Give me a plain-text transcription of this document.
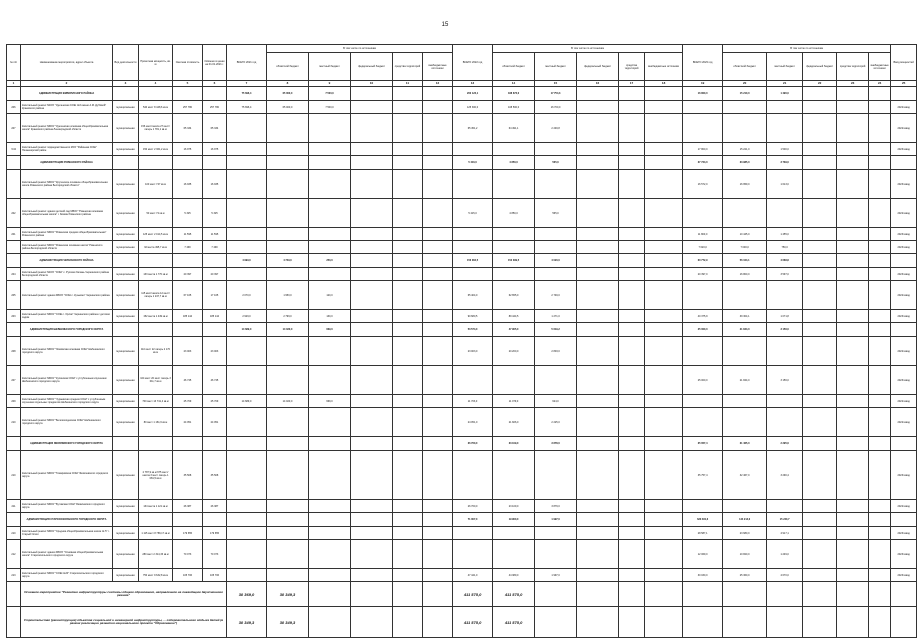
15
№ п/п	Наименование мероприятия, адрес объекта	Вид деятельности	Проектная мощность, кв. м	Сметная стоимость	Освоено в ценах на 01.01.2021 г.	ВСЕГО 2021 год	В том числе по источникам					ВСЕГО 2022 год	В том числе по источникам					ВСЕГО 2023 год	В том числе по источникам					Ввод мощностей
							областной бюджет	местный бюджет	федеральный бюджет	средства территорий	внебюджетные источники		областной бюджет	местный бюджет	федеральный бюджет	средства территорий	внебюджетные источники		областной бюджет	местный бюджет	федеральный бюджет	средства территорий	внебюджетные источники	
1	2	3	4	5	6	7	8	9	10	11	12	13	14	15	16	17	18	19	20	21	22	23	24	25
	АДМИНИСТРАЦИЯ ЖИВОПИСНОГО РАЙОНА					75 696,4	65 000,0	7 500,0				200 123,1	188 673,0	17 754,3				16 800,0	15 210,0	1 490,0				
206	Капитальный ремонт МКОУ "Уделенская СОШ №3 имени А.М. Дубовой" Краевского района	муниципальная	540 мест 8 448,6 кв.м	257 780	257 780	75 696,4	65 000,0	7 500,0				125 300,0	108 500,0	16 700,0										2022г.ввод
207	Капитальный ремонт МБОУ "Уделенская основная общеобразовательная школа" Краевского района Ленинградской области	муниципальная	156 мест/школа 27 мест/лагерь 1 781,1 кв.м	65 334	65 334							65 451,2	64 491,1	2 249,8										2022г.ввод
ЧЧ4	Капитальный ремонт подведомственного МОУ "Районная СОШ" Нижнекирский район	муниципальная	150 мест 2 361,2 кв.м	16 975	16 975													17 800,0	15 221,0	1 500,0				2023г.ввод
	АДМИНИСТРАЦИЯ РОВЕНСКОГО РАЙОНА											5 416,0	4 850,0	565,0				37 724,0	33 985,0	3 739,0				
	Капитальный ремонт МБОУ "Крутенское основное общеобразовательная школа Ровенского района Белгородской области"	муниципальная	100 мест 747 кв.м	16 935	16 935													16 572,0	16 959,0	1 613,0				2023г.ввод
202	Капитальный ремонт здания детский сад МБОУ "Ровенская основная общеобразовательная школа" г. Зикиян Ровенского района	муниципальная	50 мест 72 кв.м	5 325	5 325							5 415,0	4 850,0	565,0										2022г.ввод
201	Капитальный ремонт МБОУ "Ровенская средняя общеобразовательная" Ровенского района	муниципальная	125 мест 2 014,5 кв.м	11 595	11 595													11 800,0	10 445,0	1 455,0				2023г.ввод
	Капитальный ремонт МБОУ "Ровенская основная школа" Ровенского района Белгородской области	муниципальная	32 места 495,7 кв.м	7 490	7 490													7 620,0	7 000,0	750,0				2023г.ввод
	АДМИНИСТРАЦИЯ ЧЕРНЯНСКОГО РАЙОНА					4 999,0	4 749,0	250,0				156 084,5	152 099,5	4 020,0				60 772,9	56 104,1	4 668,8				
204	Капитальный ремонт МКОУ "СОШ" с. Русская Халань Чернянского района Белгородской области	муниципальная	133 места 1 770 кв.м	20 397	20 397													20 397,0	16 800,0	3 597,0				2023г.ввод
205	Капитальный ремонт здания МБОУ "СОШ с. Кузькино" Чернянского района	муниципальная	115 мест/школа 12 мест/лагерь 1 247,7 кв.м	67 165	17 165	2 070,0	1 950,0	120,0				65 404,0	62 655,0	2 749,0										2022г.ввод
203	Капитальный ремонт МБОУ "СОШ с. Орлик" Чернянского района с детским садом	муниципальная	152 места 1 449 кв.м	185 144	185 144	2 929,0	2 799,0	130,0				90 680,5	89 444,5	1 271,0				40 375,9	39 304,1	1 071,8				2023г.ввод
	АДМИНИСТРАЦИЯ ШЕБЕКИНСКОГО ГОРОДСКОГО ОКРУГА					14 689,0	14 020,0	669,0				53 574,0	47 905,0	5 619,2				25 000,0	21 844,0	3 156,0				
208	Капитальный ремонт МБОУ "Ломовская основная СОШ" Шебекинского городского округа	муниципальная	110 мест 22 лагерь 2 170 кв.м	23 003	23 003							23 003,0	20 200,0	2 803,0										2022г.ввод
207	Капитальный ремонт МБОУ "Купинская СОШ" с углубленным изучением Шебекинского городского округа	муниципальная	104 мест 20 мест лагерь 3 011,7 кв.м	46 745	46 745													25 000,0	21 844,0	3 156,0				2023г.ввод
209	Капитальный ремонт МБОУ "Чураевская средняя СОШ" с углубленным изучением отдельных предметов Шебекинского городского округа	муниципальная	700 мест 13 741,4 кв.м	25 709	25 709	14 689,0	14 020,0	669,0				11 703,0	11 079,0	624,0										2022г.ввод
210	Капитальный ремонт МБОУ "Белоколодезская СОШ" Шебекинского городского округа	муниципальная	80 мест 1 161,6 кв.м	24 051	24 051							24 051,0	21 826,0	2 225,0										2022г.ввод
	АДМИНИСТРАЦИЯ ЯКОВЛЕВСКОГО ГОРОДСКОГО ОКРУГА											36 760,0	33 109,0	3 878,0				35 657,4	31 465,0	2 295,6				
210	Капитальный ремонт МБОУ "Томаровская СОШ" Яковлевского городского округа	муниципальная	2 787,9 кв.м 675 мест/школа 3 мест лагерь 1 081,5 кв.м	35 508	35 508													35 757,4	32 467,0	3 290,4				2023г.ввод
211	Капитальный ремонт МБОУ "Бутовская СОШ" Яковлевского городского округа	муниципальная	134 места 1 121 кв.м	26 387	26 387							26 760,0	23 109,0	3 879,0										2022г.ввод
	АДМИНИСТРАЦИЯ СТАРООСКОЛЬСКОГО ГОРОДСКОГО ОКРУГА											71 007,0	19 900,0	1 997,0				620 481,6	144 214,0	15 240,7				
210	Капитальный ремонт МБОУ "Средняя общеобразовательная школа № 5" г. Старый Оскол	муниципальная	1 115 мест 8 786,17 кв.м	179 655	179 655													28 587,1	23 680,0	4 917,1				2023г.ввод
212	Капитальный ремонт здания МБОУ "Основная общеобразовательная школа" Старооскольского городского округа	муниципальная	280 мест 2 314,33 кв.м	70 073	70 073													12 069,0	10 820,0	1 249,0				2023г.ввод
213	Капитальный ремонт МБОУ "СОШ №20" Старооскольского городского округа	муниципальная	750 мест 9 632,8 кв.м	105 706	105 706							47 441,0	44 389,0	1 997,0				30 030,0	25 360,0	4 670,0				2023г.ввод
	Основное мероприятие "Развитие инфраструктуры системы общего образования, направленное на ликвидацию двухсменного режима"					30 369,0	30 349,3					411 575,0	411 575,0											
	Строительство (реконструкция) объектов социальной и инженерной инфраструктуры, ... оздоровительного отдыха детей (в рамках реализации развития национального проекта "Образование")					30 349,3	30 349,3					411 575,0	411 575,0											
